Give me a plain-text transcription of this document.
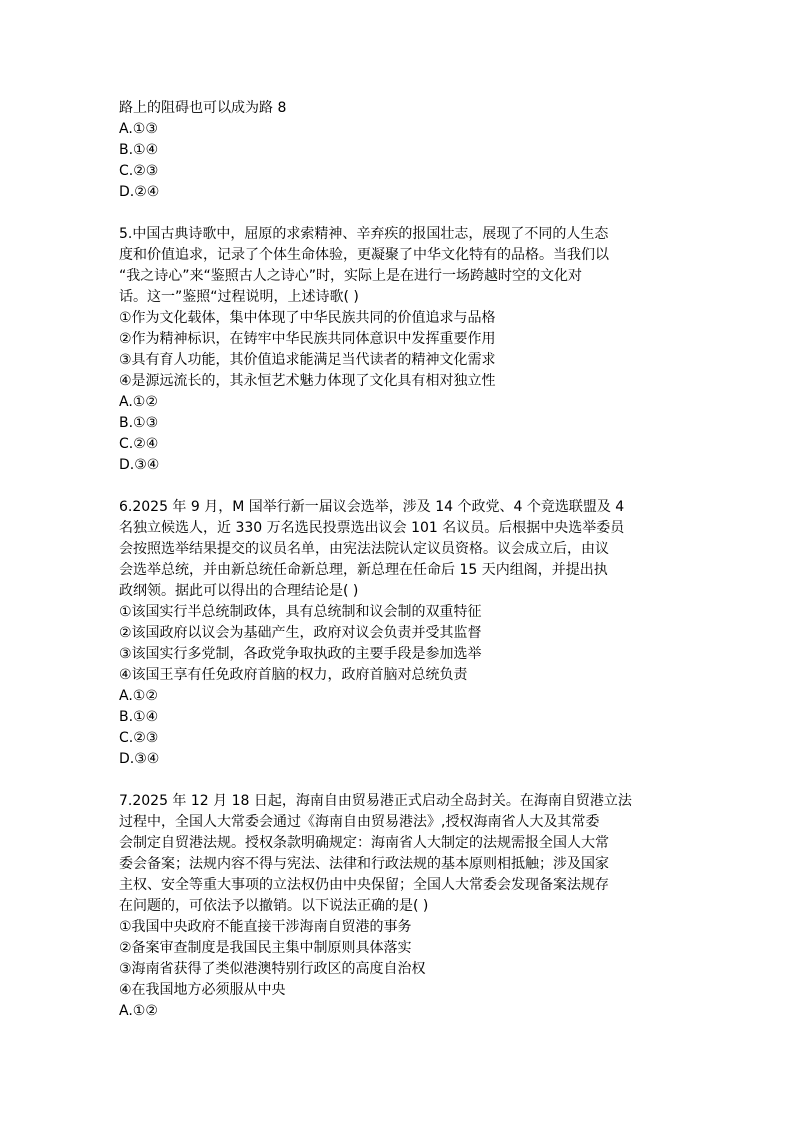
路上的阻碍也可以成为路 8
A.①③
B.①④
C.②③
D.②④
5.中国古典诗歌中，屈原的求索精神、辛弃疾的报国壮志，展现了不同的人生态
度和价值追求，记录了个体生命体验，更凝聚了中华文化特有的品格。当我们以
“我之诗心”来“鉴照古人之诗心”时，实际上是在进行一场跨越时空的文化对
话。这一”鉴照“过程说明，上述诗歌( )
①作为文化载体，集中体现了中华民族共同的价值追求与品格
②作为精神标识，在铸牢中华民族共同体意识中发挥重要作用
③具有育人功能，其价值追求能满足当代读者的精神文化需求
④是源远流长的，其永恒艺术魅力体现了文化具有相对独立性
A.①②
B.①③
C.②④
D.③④
6.2025 年 9 月，M 国举行新一届议会选举，涉及 14 个政党、4 个竞选联盟及 4
名独立候选人，近 330 万名选民投票选出议会 101 名议员。后根据中央选举委员
会按照选举结果提交的议员名单，由宪法法院认定议员资格。议会成立后，由议
会选举总统，并由新总统任命新总理，新总理在任命后 15 天内组阁，并提出执
政纲领。据此可以得出的合理结论是( )
①该国实行半总统制政体，具有总统制和议会制的双重特征
②该国政府以议会为基础产生，政府对议会负责并受其监督
③该国实行多党制，各政党争取执政的主要手段是参加选举
④该国王享有任免政府首脑的权力，政府首脑对总统负责
A.①②
B.①④
C.②③
D.③④
7.2025 年 12 月 18 日起，海南自由贸易港正式启动全岛封关。在海南自贸港立法
过程中，全国人大常委会通过《海南自由贸易港法》,授权海南省人大及其常委
会制定自贸港法规。授权条款明确规定：海南省人大制定的法规需报全国人大常
委会备案；法规内容不得与宪法、法律和行政法规的基本原则相抵触；涉及国家
主权、安全等重大事项的立法权仍由中央保留；全国人大常委会发现备案法规存
在问题的，可依法予以撤销。以下说法正确的是( )
①我国中央政府不能直接干涉海南自贸港的事务
②备案审查制度是我国民主集中制原则具体落实
③海南省获得了类似港澳特别行政区的高度自治权
④在我国地方必须服从中央
A.①②
